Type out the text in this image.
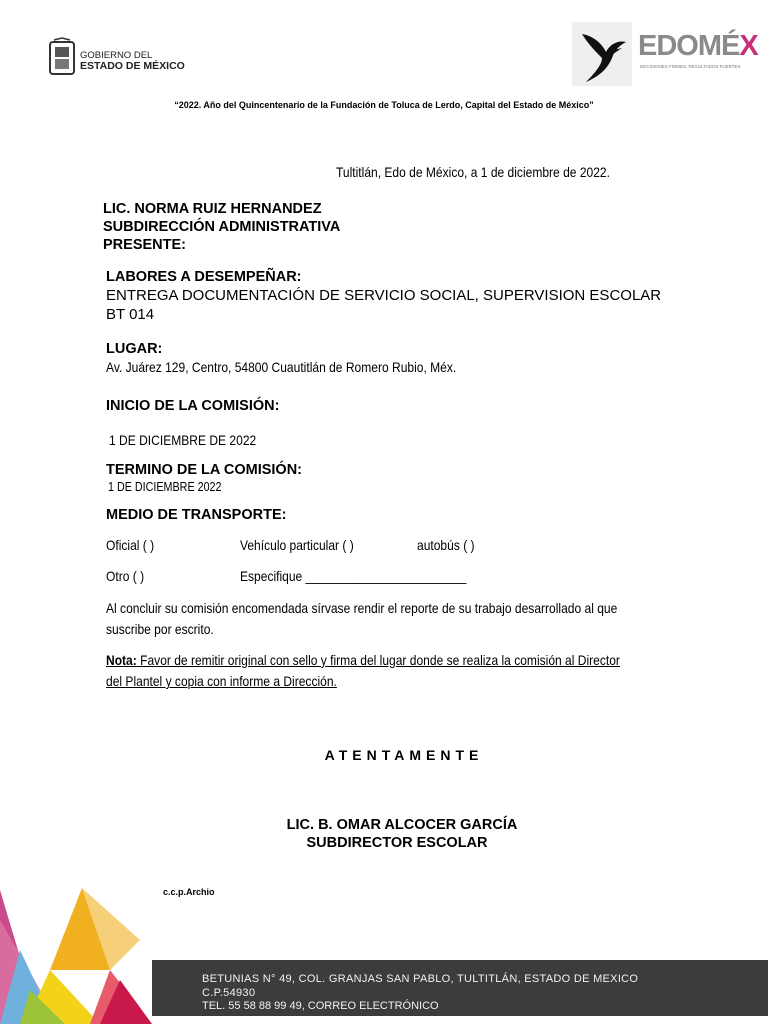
GOBIERNO DEL
ESTADO DE MÉXICO
EDOMÉX
DECISIONES FIRMES, RESULTADOS FUERTES
“2022. Año del Quincentenario de la Fundación de Toluca de Lerdo, Capital del Estado de México”
Tultitlán, Edo de México, a 1 de diciembre de 2022.
LIC. NORMA RUIZ HERNANDEZ
SUBDIRECCIÓN ADMINISTRATIVA
PRESENTE:
LABORES A DESEMPEÑAR:
ENTREGA DOCUMENTACIÓN DE SERVICIO SOCIAL, SUPERVISION ESCOLAR
BT 014
LUGAR:
Av. Juárez 129, Centro, 54800 Cuautitlán de Romero Rubio, Méx.
INICIO DE LA COMISIÓN:
1 DE DICIEMBRE DE 2022
TERMINO DE LA COMISIÓN:
1 DE DICIEMBRE 2022
MEDIO DE TRANSPORTE:
Oficial ( )	Vehículo particular ( )	autobús ( )
Otro ( )	Especifique ________________________
Al concluir su comisión encomendada sírvase rendir el reporte de su trabajo desarrollado al que
suscribe por escrito.
Nota: Favor de remitir original con sello y firma del lugar donde se realiza la comisión al Director
del Plantel y copia con informe a Dirección.
ATENTAMENTE
LIC. B. OMAR ALCOCER GARCÍA
SUBDIRECTOR ESCOLAR
c.c.p.Archio
BETUNIAS N° 49, COL. GRANJAS SAN PABLO, TULTITLÁN, ESTADO DE MEXICO
C.P.54930
TEL. 55 58 88 99 49, CORREO ELECTRÓNICO
